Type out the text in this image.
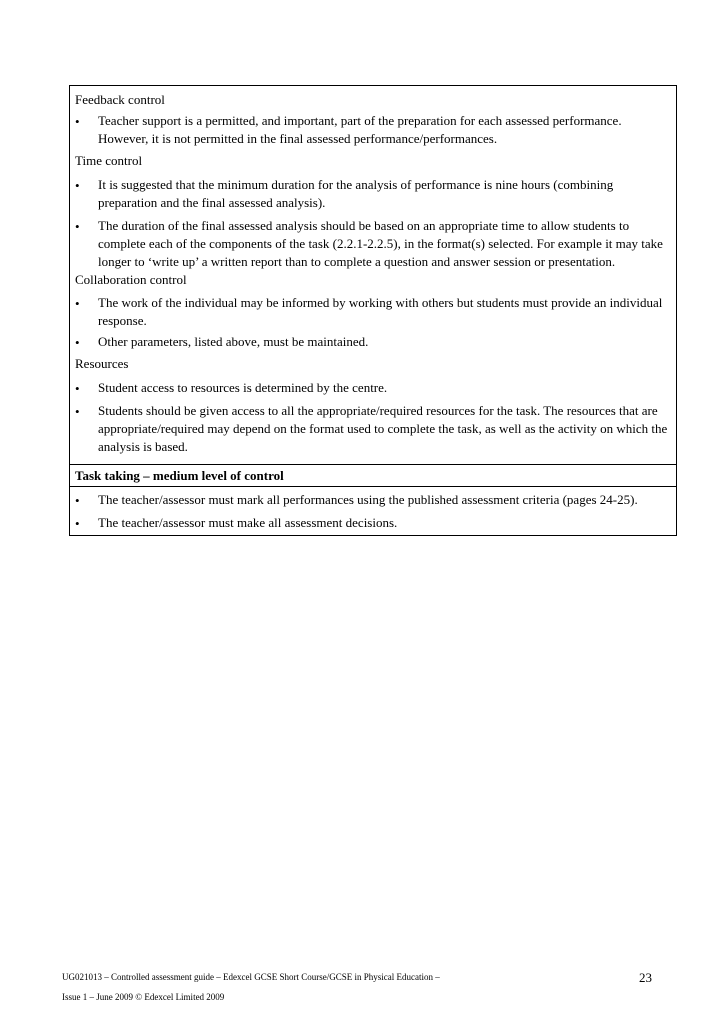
Feedback control
• Teacher support is a permitted, and important, part of the preparation for each assessed performance. However, it is not permitted in the final assessed performance/performances.
Time control
• It is suggested that the minimum duration for the analysis of performance is nine hours (combining preparation and the final assessed analysis).
• The duration of the final assessed analysis should be based on an appropriate time to allow students to complete each of the components of the task (2.2.1-2.2.5), in the format(s) selected. For example it may take longer to ‘write up’ a written report than to complete a question and answer session or presentation.
Collaboration control
• The work of the individual may be informed by working with others but students must provide an individual response.
• Other parameters, listed above, must be maintained.
Resources
• Student access to resources is determined by the centre.
• Students should be given access to all the appropriate/required resources for the task. The resources that are appropriate/required may depend on the format used to complete the task, as well as the activity on which the analysis is based.
Task taking – medium level of control
• The teacher/assessor must mark all performances using the published assessment criteria (pages 24-25).
• The teacher/assessor must make all assessment decisions.
UG021013 – Controlled assessment guide – Edexcel GCSE Short Course/GCSE in Physical Education –
Issue 1 – June 2009 © Edexcel Limited 2009
23
